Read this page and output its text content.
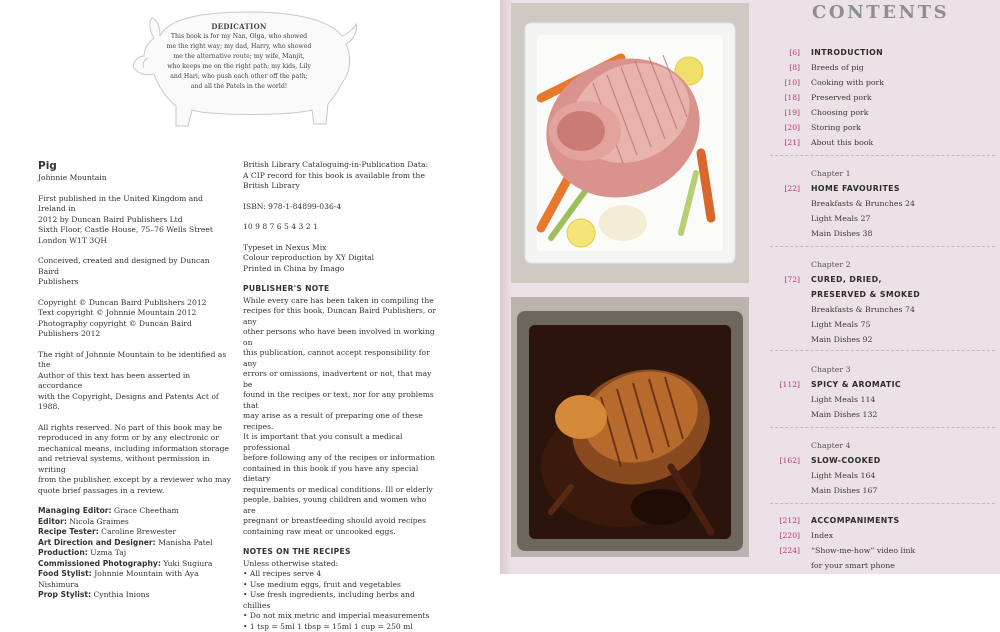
DEDICATION
This book is for my Nan, Olga, who showed
me the right way; my dad, Harry, who showed
me the alternative route; my wife, Manjit,
who keeps me on the right path; my kids, Lily
and Hari, who push each other off the path;
and all the Patels in the world!
Pig
Johnnie Mountain

First published in the United Kingdom and Ireland in
2012 by Duncan Baird Publishers Ltd
Sixth Floor, Castle House, 75–76 Wells Street
London W1T 3QH

Conceived, created and designed by Duncan Baird
Publishers

Copyright © Duncan Baird Publishers 2012
Text copyright © Johnnie Mountain 2012
Photography copyright © Duncan Baird
Publishers 2012

The right of Johnnie Mountain to be identified as the
Author of this text has been asserted in accordance
with the Copyright, Designs and Patents Act of 1988.

All rights reserved. No part of this book may be
reproduced in any form or by any electronic or
mechanical means, including information storage
and retrieval systems, without permission in writing
from the publisher, except by a reviewer who may
quote brief passages in a review.

Managing Editor: Grace Cheetham
Editor: Nicola Graimes
Recipe Tester: Caroline Brewester
Art Direction and Designer: Manisha Patel
Production: Uzma Taj
Commissioned Photography: Yuki Sugiura
Food Stylist: Johnnie Mountain with Aya Nishimura
Prop Stylist: Cynthia Inions

British Library Cataloguing-in-Publication Data:
A CIP record for this book is available from the
British Library

ISBN: 978-1-84899-036-4

10 9 8 7 6 5 4 3 2 1

Typeset in Nexus Mix
Colour reproduction by XY Digital
Printed in China by Imago

PUBLISHER'S NOTE

While every care has been taken in compiling the
recipes for this book, Duncan Baird Publishers, or any
other persons who have been involved in working on
this publication, cannot accept responsibility for any
errors or omissions, inadvertent or not, that may be
found in the recipes or text, nor for any problems that
may arise as a result of preparing one of these recipes.
It is important that you consult a medical professional
before following any of the recipes or information
contained in this book if you have any special dietary
requirements or medical conditions. Ill or elderly
people, babies, young children and women who are
pregnant or breastfeeding should avoid recipes
containing raw meat or uncooked eggs.

NOTES ON THE RECIPES
Unless otherwise stated:
• All recipes serve 4
• Use medium eggs, fruit and vegetables
• Use fresh ingredients, including herbs and chillies
• Do not mix metric and imperial measurements
• 1 tsp = 5ml 1 tbsp = 15ml 1 cup = 250 ml
CONTENTS
[6] INTRODUCTION
[8] Breeds of pig
[10] Cooking with pork
[18] Preserved pork
[19] Choosing pork
[20] Storing pork
[21] About this book
Chapter 1
[22] HOME FAVOURITES
Breakfasts & Brunches 24
Light Meals 27
Main Dishes 38
Chapter 2
[72] CURED, DRIED,
PRESERVED & SMOKED
Breakfasts & Brunches 74
Light Meals 75
Main Dishes 92
Chapter 3
[112] SPICY & AROMATIC
Light Meals 114
Main Dishes 132
Chapter 4
[162] SLOW-COOKED
Light Meals 164
Main Dishes 167
[212] ACCOMPANIMENTS
[220] Index
[224] “Show-me-how” video link
for your smart phone
